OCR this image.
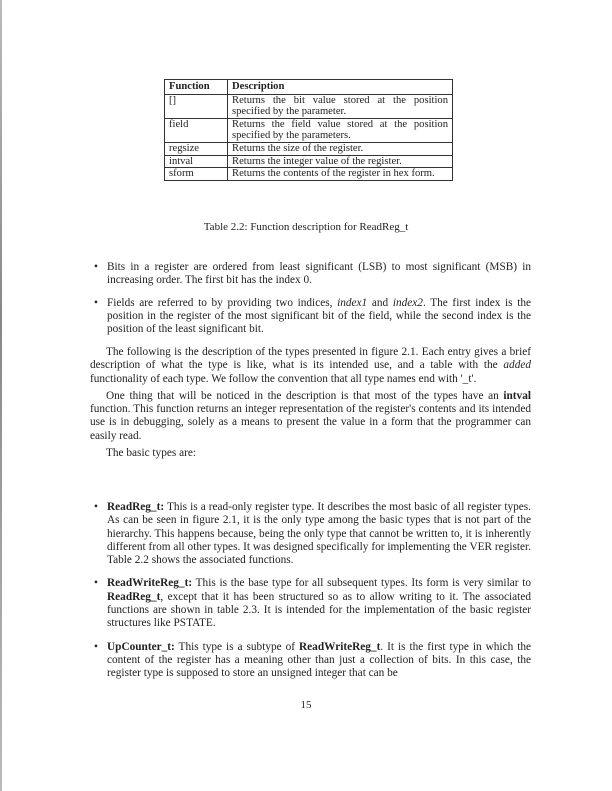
Function	Description
[]	Returns the bit value stored at the position specified by the parameter.
field	Returns the field value stored at the position specified by the parameters.
regsize	Returns the size of the register.
intval	Returns the integer value of the register.
sform	Returns the contents of the register in hex form.
Table 2.2: Function description for ReadReg_t
• Bits in a register are ordered from least significant (LSB) to most significant (MSB) in increasing order. The first bit has the index 0.
• Fields are referred to by providing two indices, index1 and index2. The first index is the position in the register of the most significant bit of the field, while the second index is the position of the least significant bit.

The following is the description of the types presented in figure 2.1. Each entry gives a brief description of what the type is like, what is its intended use, and a table with the added functionality of each type. We follow the convention that all type names end with '_t'.

One thing that will be noticed in the description is that most of the types have an intval function. This function returns an integer representation of the register's contents and its intended use is in debugging, solely as a means to present the value in a form that the programmer can easily read.

The basic types are:

• ReadReg_t: This is a read-only register type. It describes the most basic of all register types. As can be seen in figure 2.1, it is the only type among the basic types that is not part of the hierarchy. This happens because, being the only type that cannot be written to, it is inherently different from all other types. It was designed specifically for implementing the VER register. Table 2.2 shows the associated functions.
• ReadWriteReg_t: This is the base type for all subsequent types. Its form is very similar to ReadReg_t, except that it has been structured so as to allow writing to it. The associated functions are shown in table 2.3. It is intended for the implementation of the basic register structures like PSTATE.
• UpCounter_t: This type is a subtype of ReadWriteReg_t. It is the first type in which the content of the register has a meaning other than just a collection of bits. In this case, the register type is supposed to store an unsigned integer that can be
15
